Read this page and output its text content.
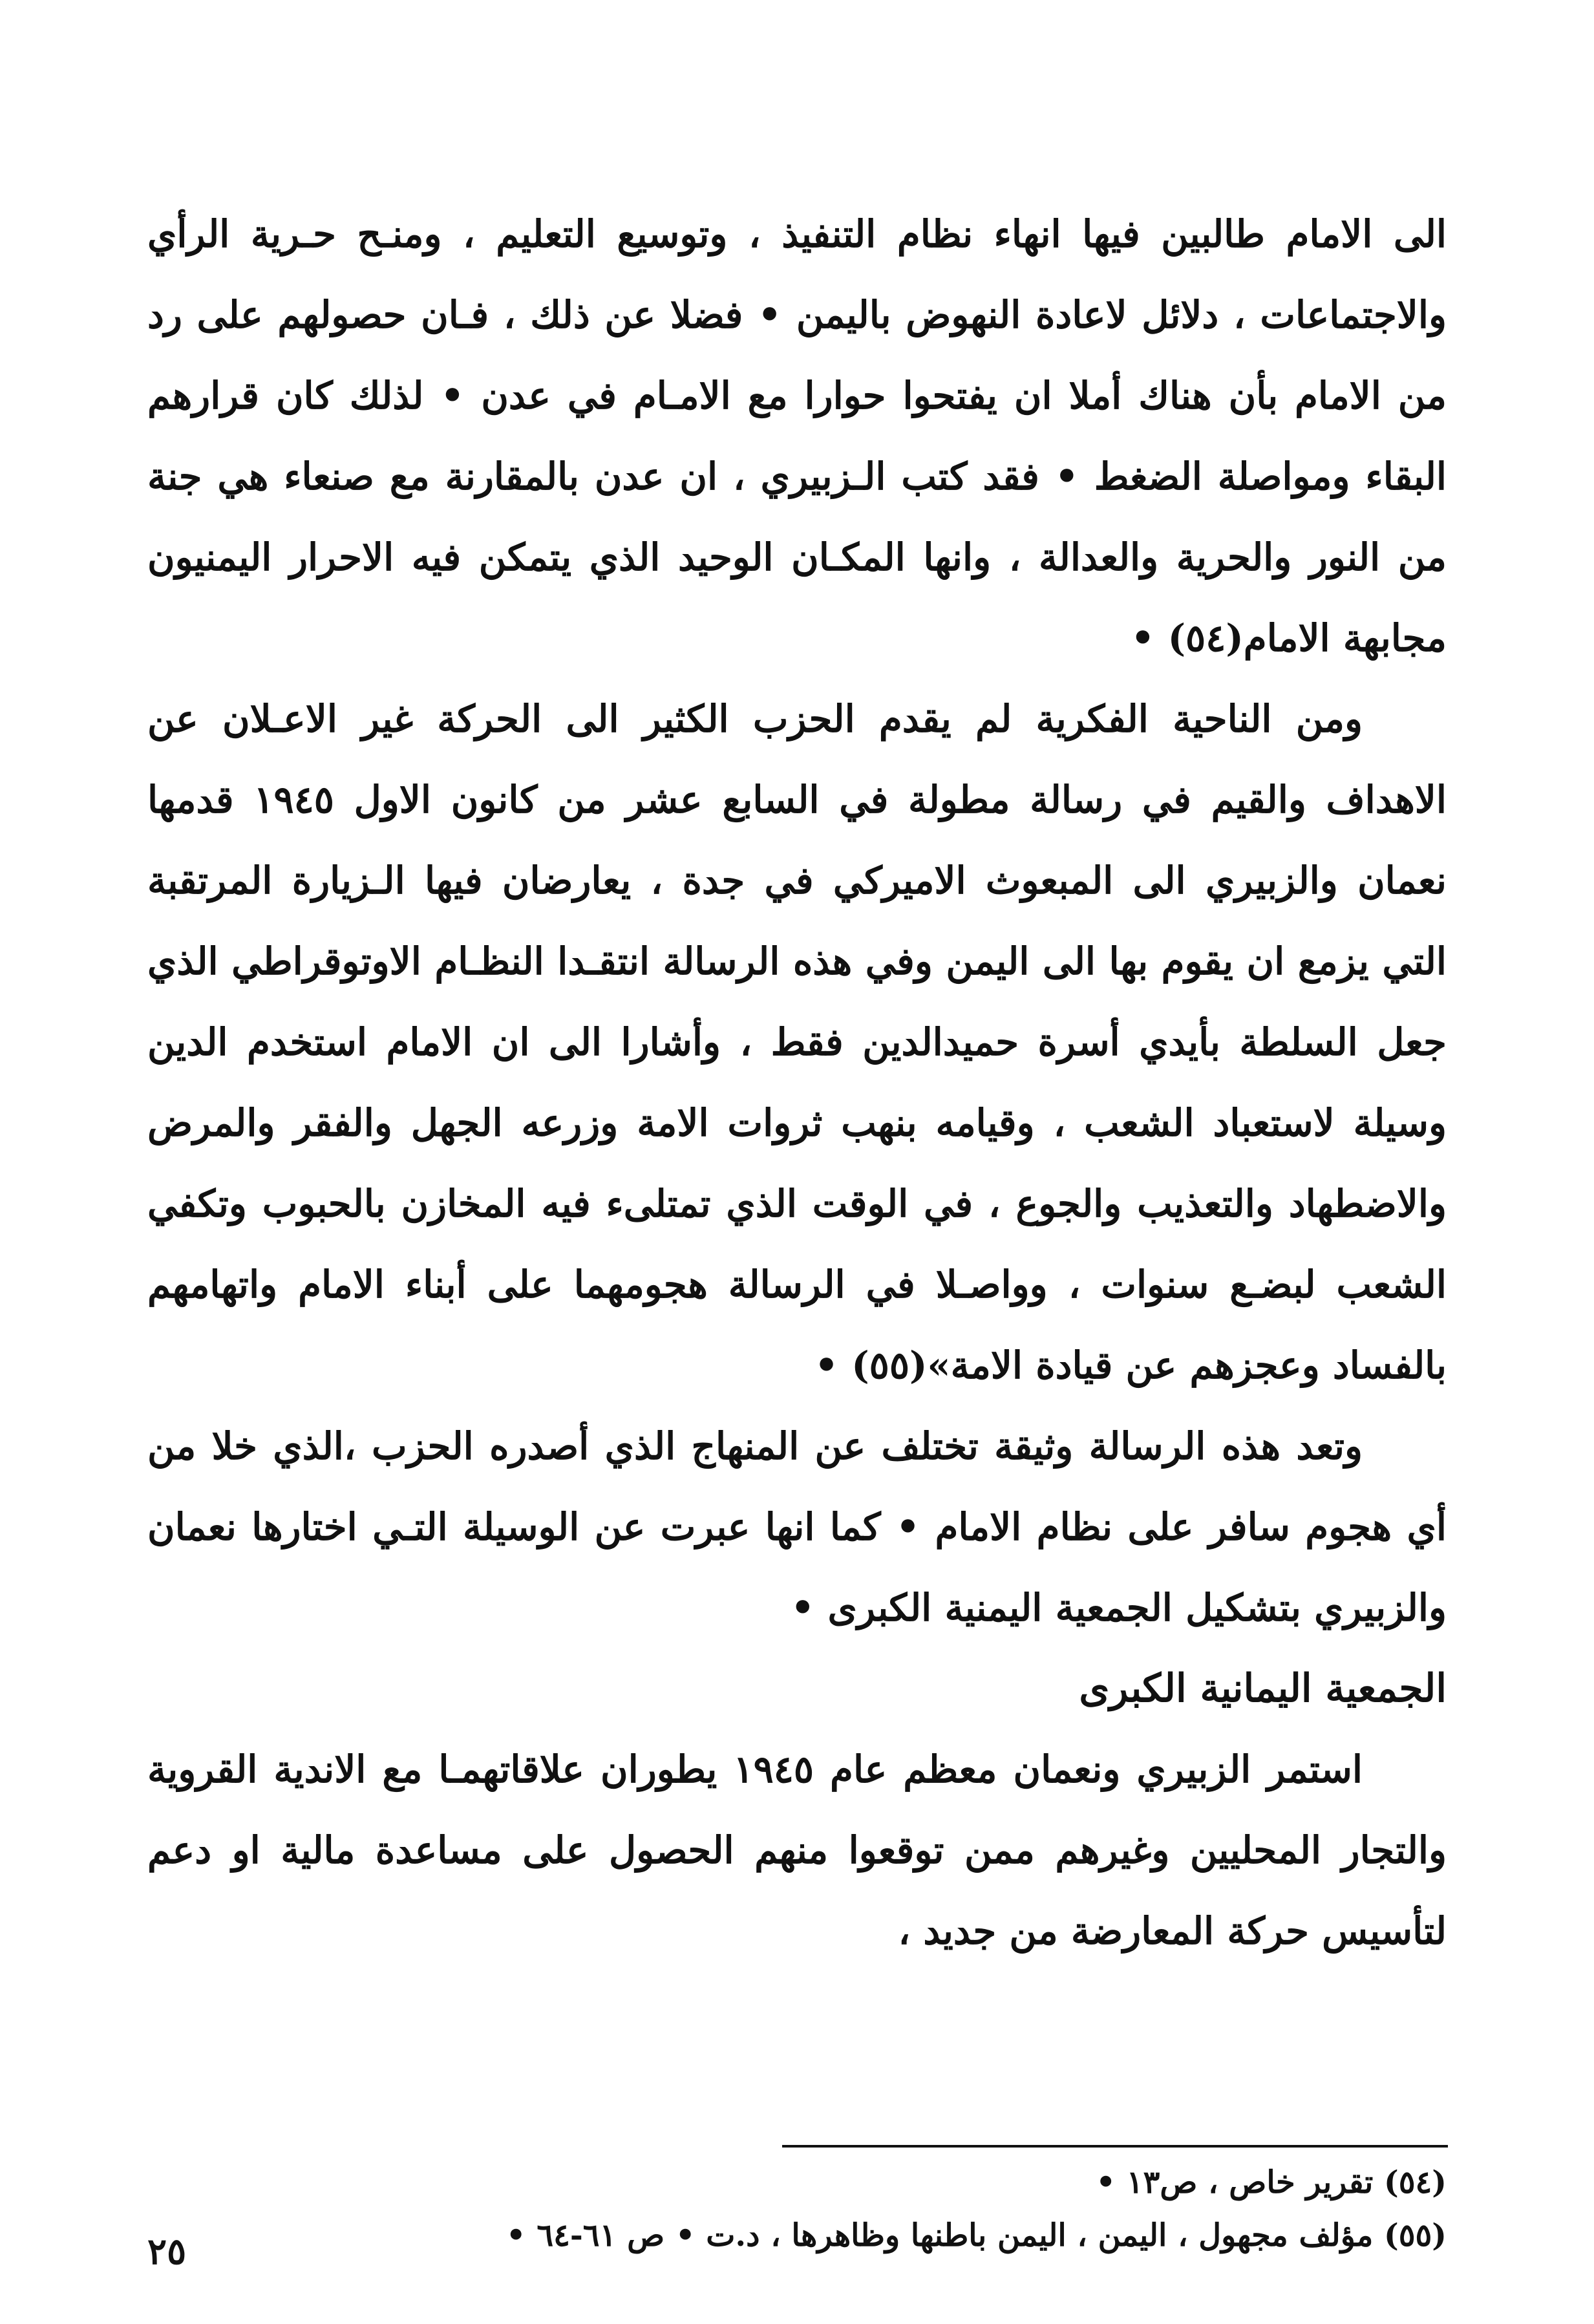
الى الامام طالبين فيها انهاء نظام التنفيذ ، وتوسيع التعليم ، ومنـح حـرية الرأي والاجتماعات ، دلائل لاعادة النهوض باليمن • فضلا عن ذلك ، فـان حصولهم على رد من الامام بأن هناك أملا ان يفتحوا حوارا مع الامـام في عدن • لذلك كان قرارهم البقاء ومواصلة الضغط • فقد كتب الـزبيري ، ان عدن بالمقارنة مع صنعاء هي جنة من النور والحرية والعدالة ، وانها المكـان الوحيد الذي يتمكن فيه الاحرار اليمنيون مجابهة الامام(٥٤) •

ومن الناحية الفكرية لم يقدم الحزب الكثير الى الحركة غير الاعـلان عن الاهداف والقيم في رسالة مطولة في السابع عشر من كانون الاول ١٩٤٥ قدمها نعمان والزبيري الى المبعوث الاميركي في جدة ، يعارضان فيها الـزيارة المرتقبة التي يزمع ان يقوم بها الى اليمن وفي هذه الرسالة انتقـدا النظـام الاوتوقراطي الذي جعل السلطة بأيدي أسرة حميدالدين فقط ، وأشارا الى ان الامام استخدم الدين وسيلة لاستعباد الشعب ، وقيامه بنهب ثروات الامة وزرعه الجهل والفقر والمرض والاضطهاد والتعذيب والجوع ، في الوقت الذي تمتلىء فيه المخازن بالحبوب وتكفي الشعب لبضـع سنوات ، وواصـلا في الرسالة هجومهما على أبناء الامام واتهامهم بالفساد وعجزهم عن قيادة الامة»(٥٥) •

وتعد هذه الرسالة وثيقة تختلف عن المنهاج الذي أصدره الحزب ،الذي خلا من أي هجوم سافر على نظام الامام • كما انها عبرت عن الوسيلة التـي اختارها نعمان والزبيري بتشكيل الجمعية اليمنية الكبرى •

الجمعية اليمانية الكبرى

استمر الزبيري ونعمان معظم عام ١٩٤٥ يطوران علاقاتهمـا مع الاندية القروية والتجار المحليين وغيرهم ممن توقعوا منهم الحصول على مساعدة مالية او دعم لتأسيس حركة المعارضة من جديد ،

(٥٤) تقرير خاص ، ص١٣ •

(٥٥) مؤلف مجهول ، اليمن ، اليمن باطنها وظاهرها ، د.ت • ص ٦١-٦٤ •

٢٥
